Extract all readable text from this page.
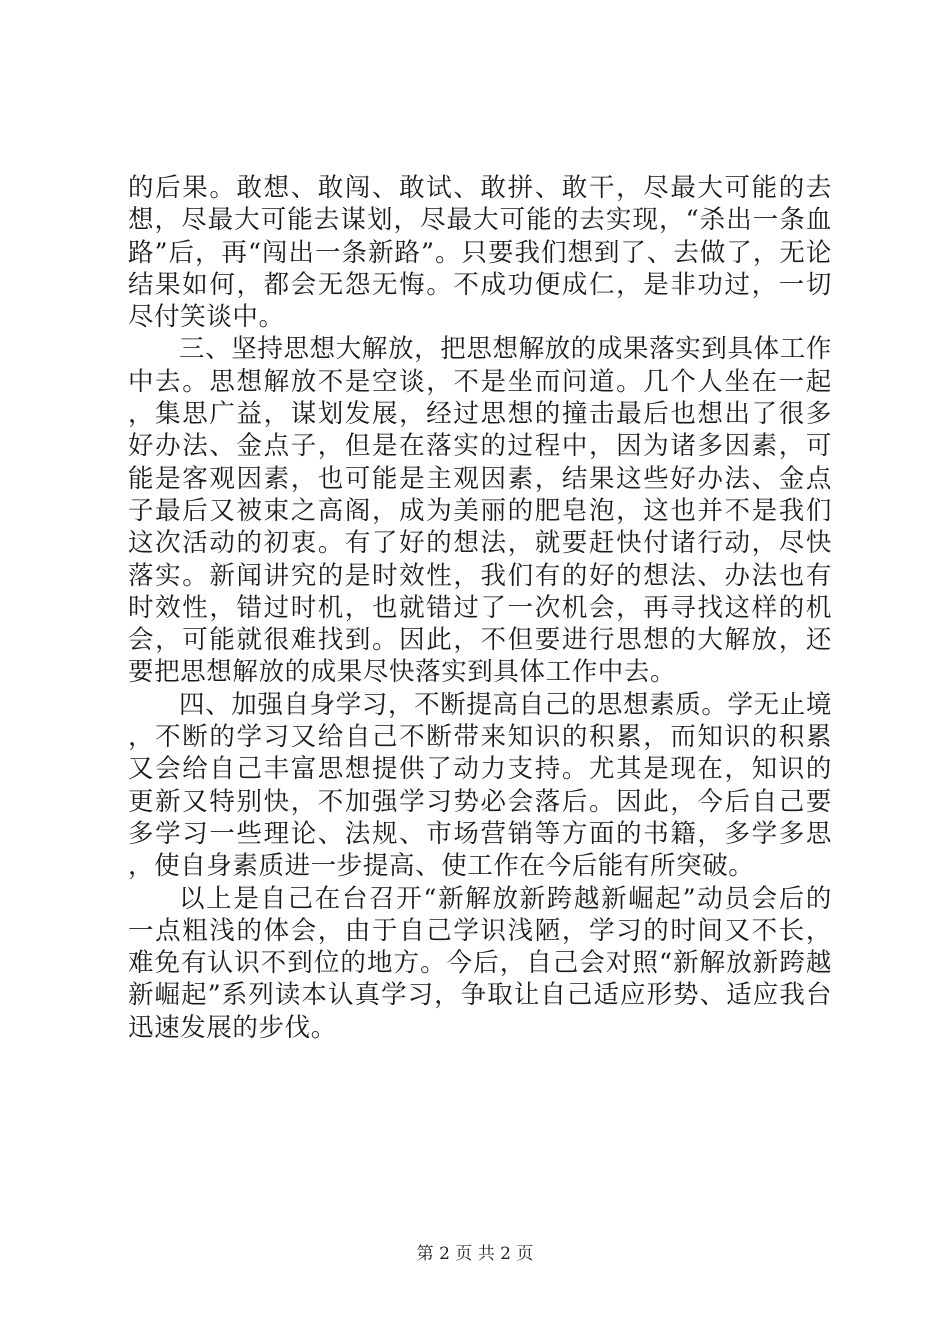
的后果。敢想、敢闯、敢试、敢拼、敢干，尽最大可能的去想，尽最大可能去谋划，尽最大可能的去实现，“杀出一条血路”后，再“闯出一条新路”。只要我们想到了、去做了，无论结果如何，都会无怨无悔。不成功便成仁，是非功过，一切尽付笑谈中。

三、坚持思想大解放，把思想解放的成果落实到具体工作中去。思想解放不是空谈，不是坐而问道。几个人坐在一起，集思广益，谋划发展，经过思想的撞击最后也想出了很多好办法、金点子，但是在落实的过程中，因为诸多因素，可能是客观因素，也可能是主观因素，结果这些好办法、金点子最后又被束之高阁，成为美丽的肥皂泡，这也并不是我们这次活动的初衷。有了好的想法，就要赶快付诸行动，尽快落实。新闻讲究的是时效性，我们有的好的想法、办法也有时效性，错过时机，也就错过了一次机会，再寻找这样的机会，可能就很难找到。因此，不但要进行思想的大解放，还要把思想解放的成果尽快落实到具体工作中去。

四、加强自身学习，不断提高自己的思想素质。学无止境，不断的学习又给自己不断带来知识的积累，而知识的积累又会给自己丰富思想提供了动力支持。尤其是现在，知识的更新又特别快，不加强学习势必会落后。因此，今后自己要多学习一些理论、法规、市场营销等方面的书籍，多学多思，使自身素质进一步提高、使工作在今后能有所突破。

以上是自己在台召开“新解放新跨越新崛起”动员会后的一点粗浅的体会，由于自己学识浅陋，学习的时间又不长，难免有认识不到位的地方。今后，自己会对照“新解放新跨越新崛起”系列读本认真学习，争取让自己适应形势、适应我台迅速发展的步伐。

第 2 页 共 2 页
